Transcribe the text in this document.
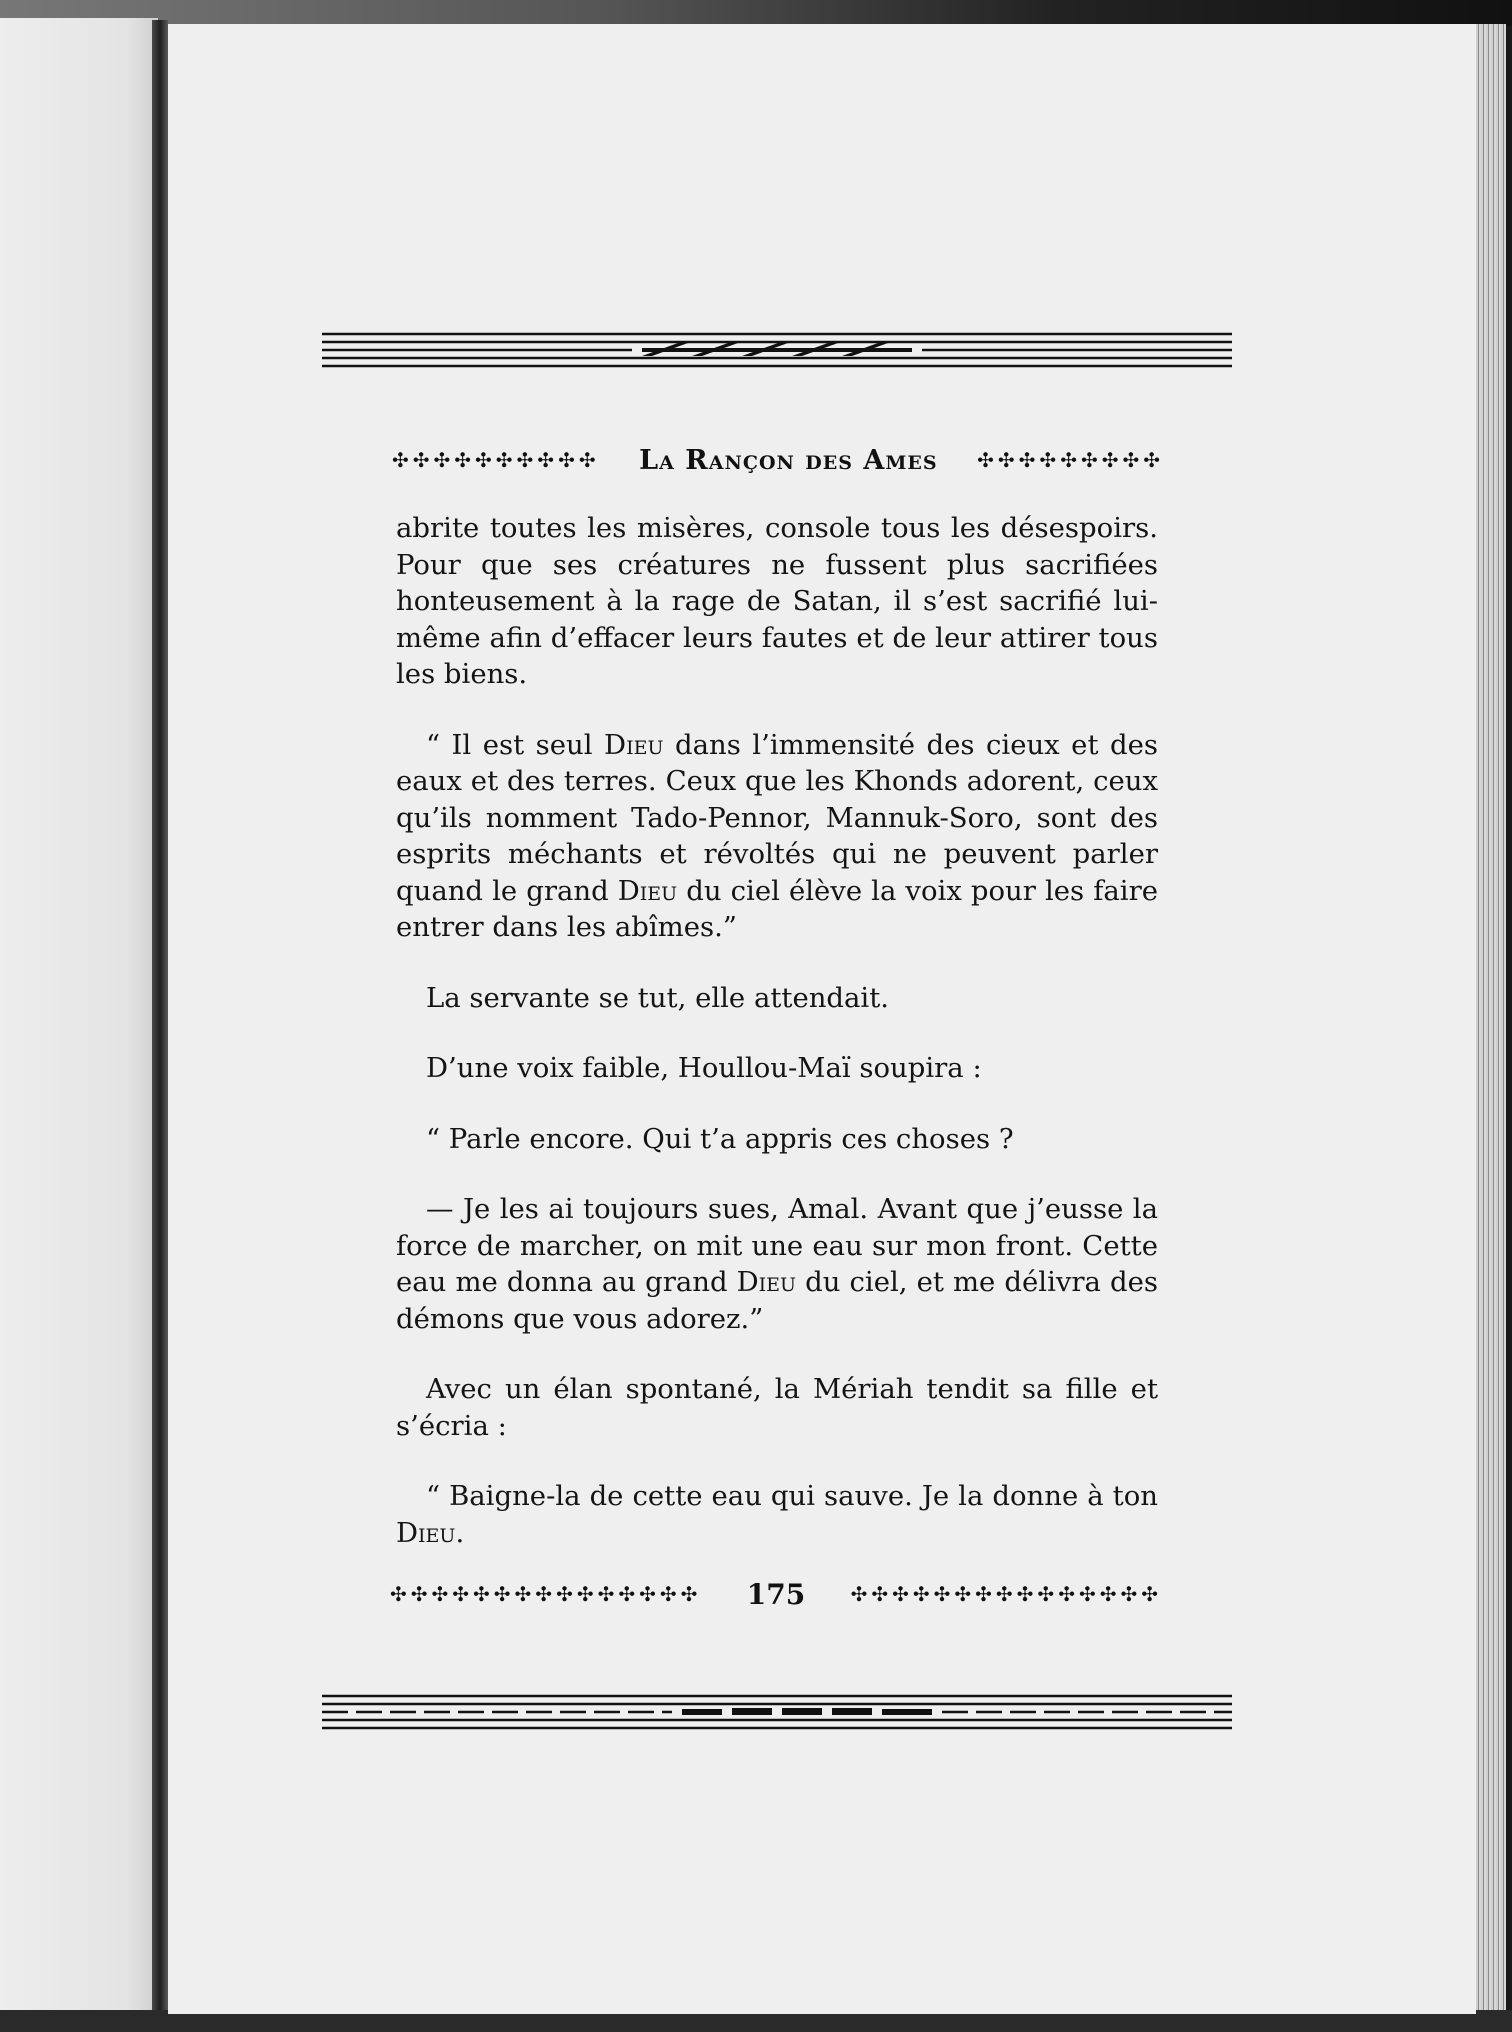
✣✣✣✣✣✣✣✣✣✣ La Rançon des Ames ✣✣✣✣✣✣✣✣✣

abrite toutes les misères, console tous les désespoirs. Pour que ses créatures ne fussent plus sacrifiées honteusement à la rage de Satan, il s’est sacrifié lui-même afin d’effacer leurs fautes et de leur attirer tous les biens.

“ Il est seul Dieu dans l’immensité des cieux et des eaux et des terres. Ceux que les Khonds adorent, ceux qu’ils nomment Tado-Pennor, Mannuk-Soro, sont des esprits méchants et révoltés qui ne peuvent parler quand le grand Dieu du ciel élève la voix pour les faire entrer dans les abîmes.”

La servante se tut, elle attendait.

D’une voix faible, Houllou-Maï soupira :

“ Parle encore. Qui t’a appris ces choses ?

— Je les ai toujours sues, Amal. Avant que j’eusse la force de marcher, on mit une eau sur mon front. Cette eau me donna au grand Dieu du ciel, et me délivra des démons que vous adorez.”

Avec un élan spontané, la Mériah tendit sa fille et s’écria :

“ Baigne-la de cette eau qui sauve. Je la donne à ton Dieu.

✣✣✣✣✣✣✣✣✣✣✣✣✣✣✣ 175 ✣✣✣✣✣✣✣✣✣✣✣✣✣✣✣
